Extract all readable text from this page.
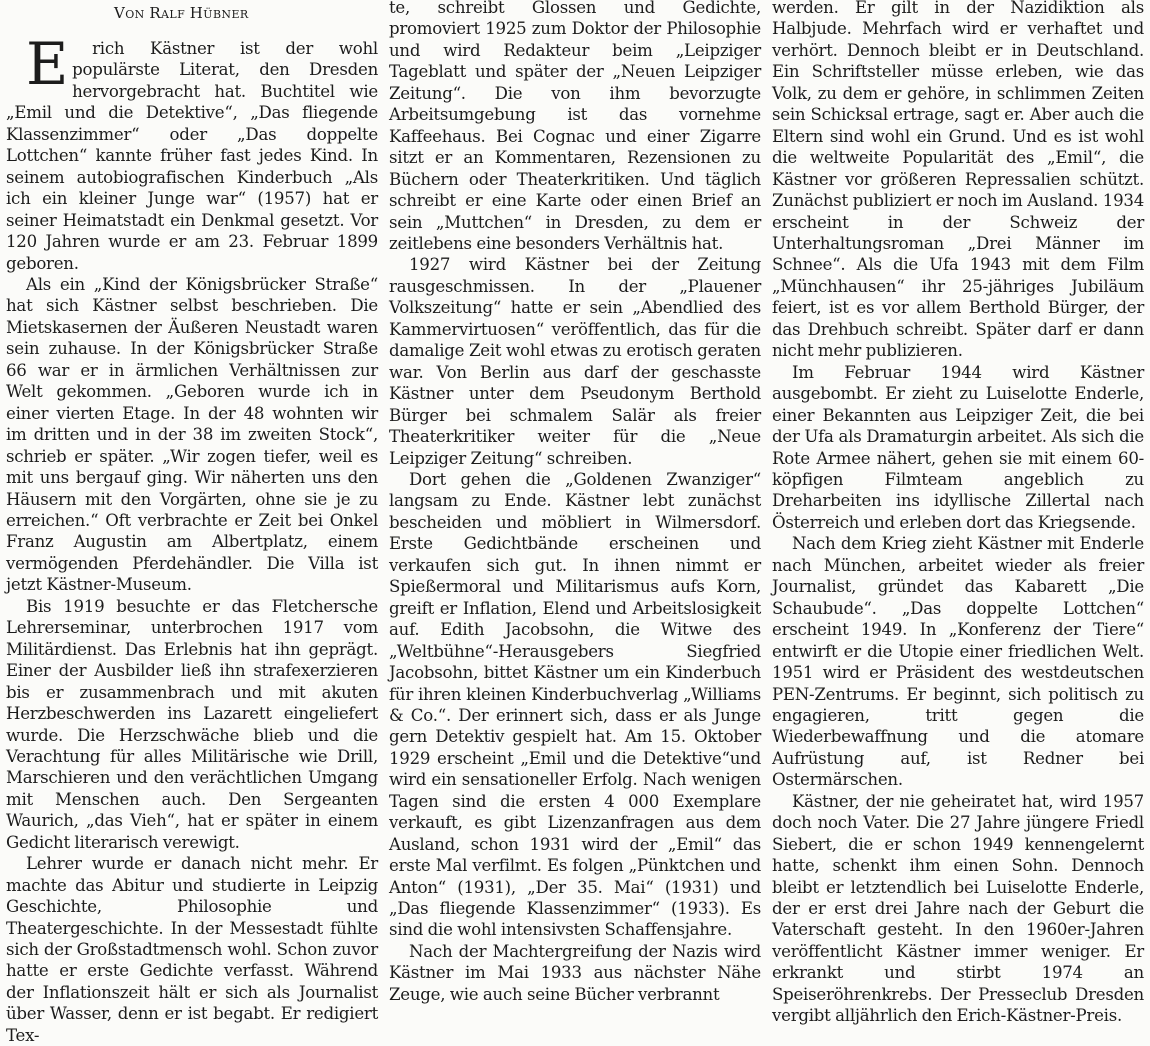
Von Ralf Hübner

E rich Kästner ist der wohl populärste Literat, den Dresden hervorgebracht hat. Buchtitel wie „Emil und die Detektive“, „Das fliegende Klassenzimmer“ oder „Das doppelte Lottchen“ kannte früher fast jedes Kind. In seinem autobiografischen Kinderbuch „Als ich ein kleiner Junge war“ (1957) hat er seiner Heimatstadt ein Denkmal gesetzt. Vor 120 Jahren wurde er am 23. Februar 1899 geboren.

Als ein „Kind der Königsbrücker Straße“ hat sich Kästner selbst beschrieben. Die Mietskasernen der Äußeren Neustadt waren sein zuhause. In der Königsbrücker Straße 66 war er in ärmlichen Verhältnissen zur Welt gekommen. „Geboren wurde ich in einer vierten Etage. In der 48 wohnten wir im dritten und in der 38 im zweiten Stock“, schrieb er später. „Wir zogen tiefer, weil es mit uns bergauf ging. Wir näherten uns den Häusern mit den Vorgärten, ohne sie je zu erreichen.“ Oft verbrachte er Zeit bei Onkel Franz Augustin am Albertplatz, einem vermögenden Pferdehändler. Die Villa ist jetzt Kästner-Museum.

Bis 1919 besuchte er das Fletchersche Lehrerseminar, unterbrochen 1917 vom Militärdienst. Das Erlebnis hat ihn geprägt. Einer der Ausbilder ließ ihn strafexerzieren bis er zusammenbrach und mit akuten Herzbeschwerden ins Lazarett eingeliefert wurde. Die Herzschwäche blieb und die Verachtung für alles Militärische wie Drill, Marschieren und den verächtlichen Umgang mit Menschen auch. Den Sergeanten Waurich, „das Vieh“, hat er später in einem Gedicht literarisch verewigt.

Lehrer wurde er danach nicht mehr. Er machte das Abitur und studierte in Leipzig Geschichte, Philosophie und Theatergeschichte. In der Messestadt fühlte sich der Großstadtmensch wohl. Schon zuvor hatte er erste Gedichte verfasst. Während der Inflationszeit hält er sich als Journalist über Wasser, denn er ist begabt. Er redigiert Tex-

te, schreibt Glossen und Gedichte, promoviert 1925 zum Doktor der Philosophie und wird Redakteur beim „Leipziger Tageblatt und später der „Neuen Leipziger Zeitung“. Die von ihm bevorzugte Arbeitsumgebung ist das vornehme Kaffeehaus. Bei Cognac und einer Zigarre sitzt er an Kommentaren, Rezensionen zu Büchern oder Theaterkritiken. Und täglich schreibt er eine Karte oder einen Brief an sein „Muttchen“ in Dresden, zu dem er zeitlebens eine besonders Verhältnis hat.

1927 wird Kästner bei der Zeitung rausgeschmissen. In der „Plauener Volkszeitung“ hatte er sein „Abendlied des Kammervirtuosen“ veröffentlich, das für die damalige Zeit wohl etwas zu erotisch geraten war. Von Berlin aus darf der geschasste Kästner unter dem Pseudonym Berthold Bürger bei schmalem Salär als freier Theaterkritiker weiter für die „Neue Leipziger Zeitung“ schreiben.

Dort gehen die „Goldenen Zwanziger“ langsam zu Ende. Kästner lebt zunächst bescheiden und möbliert in Wilmersdorf. Erste Gedichtbände erscheinen und verkaufen sich gut. In ihnen nimmt er Spießermoral und Militarismus aufs Korn, greift er Inflation, Elend und Arbeitslosigkeit auf. Edith Jacobsohn, die Witwe des „Weltbühne“-Herausgebers Siegfried Jacobsohn, bittet Kästner um ein Kinderbuch für ihren kleinen Kinderbuchverlag „Williams & Co.“. Der erinnert sich, dass er als Junge gern Detektiv gespielt hat. Am 15. Oktober 1929 erscheint „Emil und die Detektive“und wird ein sensationeller Erfolg. Nach wenigen Tagen sind die ersten 4 000 Exemplare verkauft, es gibt Lizenzanfragen aus dem Ausland, schon 1931 wird der „Emil“ das erste Mal verfilmt. Es folgen „Pünktchen und Anton“ (1931), „Der 35. Mai“ (1931) und „Das fliegende Klassenzimmer“ (1933). Es sind die wohl intensivsten Schaffensjahre.

Nach der Machtergreifung der Nazis wird Kästner im Mai 1933 aus nächster Nähe Zeuge, wie auch seine Bücher verbrannt

werden. Er gilt in der Nazidiktion als Halbjude. Mehrfach wird er verhaftet und verhört. Dennoch bleibt er in Deutschland. Ein Schriftsteller müsse erleben, wie das Volk, zu dem er gehöre, in schlimmen Zeiten sein Schicksal ertrage, sagt er. Aber auch die Eltern sind wohl ein Grund. Und es ist wohl die weltweite Popularität des „Emil“, die Kästner vor größeren Repressalien schützt. Zunächst publiziert er noch im Ausland. 1934 erscheint in der Schweiz der Unterhaltungsroman „Drei Männer im Schnee“. Als die Ufa 1943 mit dem Film „Münchhausen“ ihr 25-jähriges Jubiläum feiert, ist es vor allem Berthold Bürger, der das Drehbuch schreibt. Später darf er dann nicht mehr publizieren.

Im Februar 1944 wird Kästner ausgebombt. Er zieht zu Luiselotte Enderle, einer Bekannten aus Leipziger Zeit, die bei der Ufa als Dramaturgin arbeitet. Als sich die Rote Armee nähert, gehen sie mit einem 60-köpfigen Filmteam angeblich zu Dreharbeiten ins idyllische Zillertal nach Österreich und erleben dort das Kriegsende.

Nach dem Krieg zieht Kästner mit Enderle nach München, arbeitet wieder als freier Journalist, gründet das Kabarett „Die Schaubude“. „Das doppelte Lottchen“ erscheint 1949. In „Konferenz der Tiere“ entwirft er die Utopie einer friedlichen Welt. 1951 wird er Präsident des westdeutschen PEN-Zentrums. Er beginnt, sich politisch zu engagieren, tritt gegen die Wiederbewaffnung und die atomare Aufrüstung auf, ist Redner bei Ostermärschen.

Kästner, der nie geheiratet hat, wird 1957 doch noch Vater. Die 27 Jahre jüngere Friedl Siebert, die er schon 1949 kennengelernt hatte, schenkt ihm einen Sohn. Dennoch bleibt er letztendlich bei Luiselotte Enderle, der er erst drei Jahre nach der Geburt die Vaterschaft gesteht. In den 1960er-Jahren veröffentlicht Kästner immer weniger. Er erkrankt und stirbt 1974 an Speiseröhrenkrebs. Der Presseclub Dresden vergibt alljährlich den Erich-Kästner-Preis.
